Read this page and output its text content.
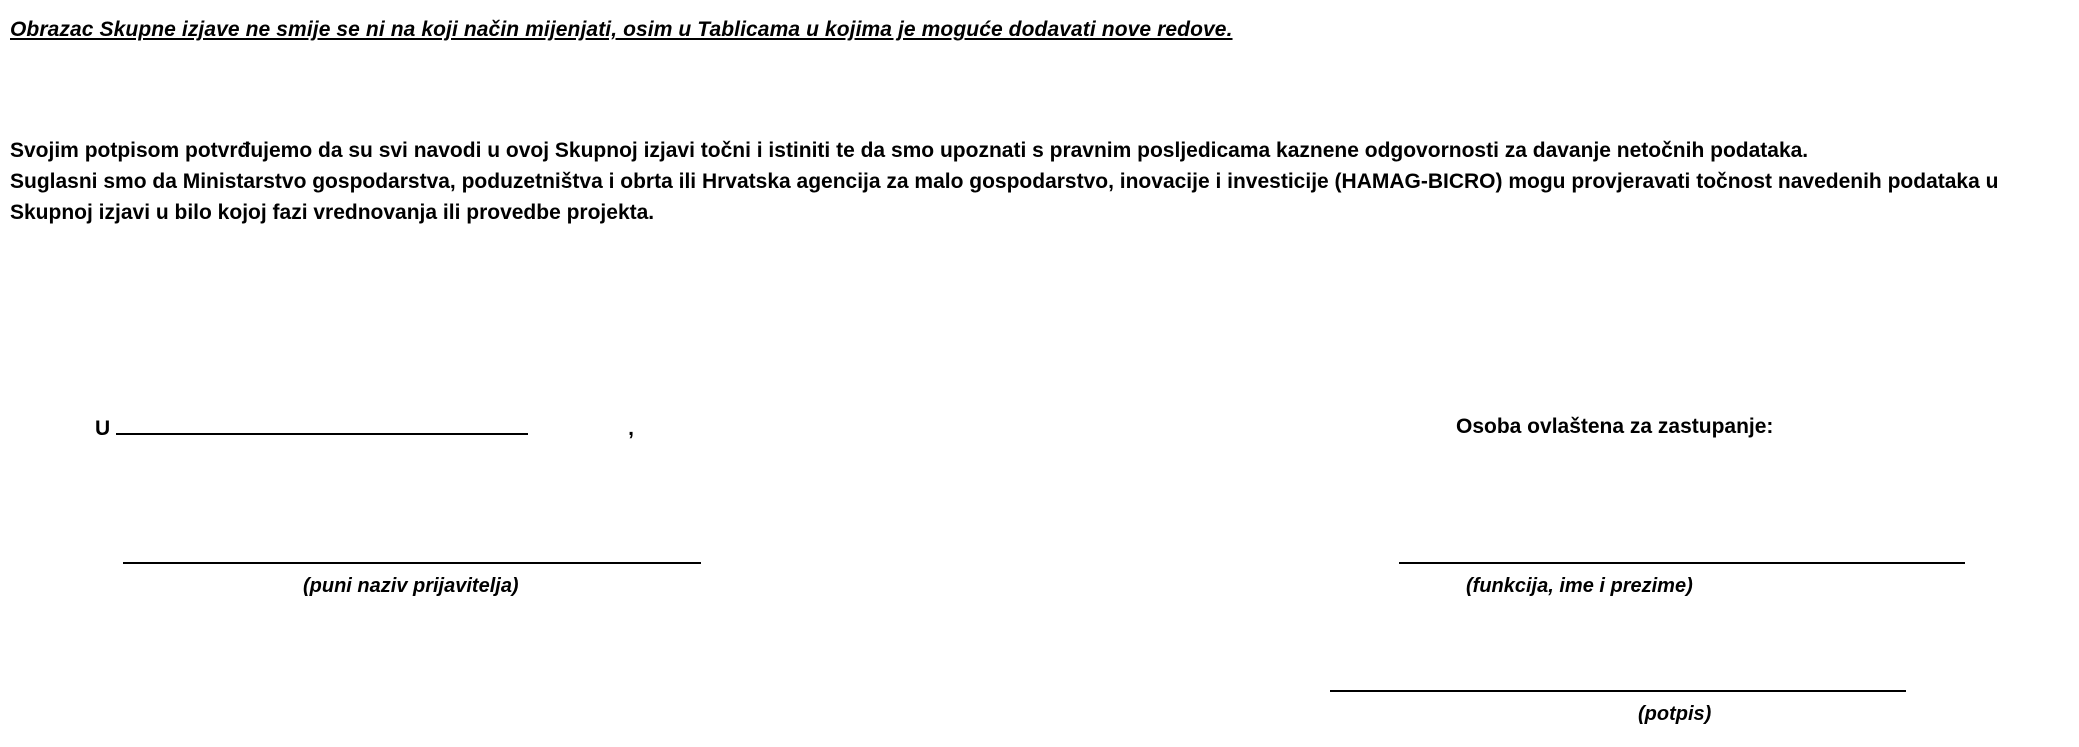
Obrazac Skupne izjave ne smije se ni na koji način mijenjati, osim u Tablicama u kojima je moguće dodavati nove redove.

Svojim potpisom potvrđujemo da su svi navodi u ovoj Skupnoj izjavi točni i istiniti te da smo upoznati s pravnim posljedicama kaznene odgovornosti za davanje netočnih podataka.

Suglasni smo da Ministarstvo gospodarstva, poduzetništva i obrta ili Hrvatska agencija za malo gospodarstvo, inovacije i investicije (HAMAG-BICRO) mogu provjeravati točnost navedenih podataka u Skupnoj izjavi u bilo kojoj fazi vrednovanja ili provedbe projekta.

U	,	Osoba ovlaštena za zastupanje:
(puni naziv prijavitelja)	(funkcija, ime i prezime)
(potpis)
